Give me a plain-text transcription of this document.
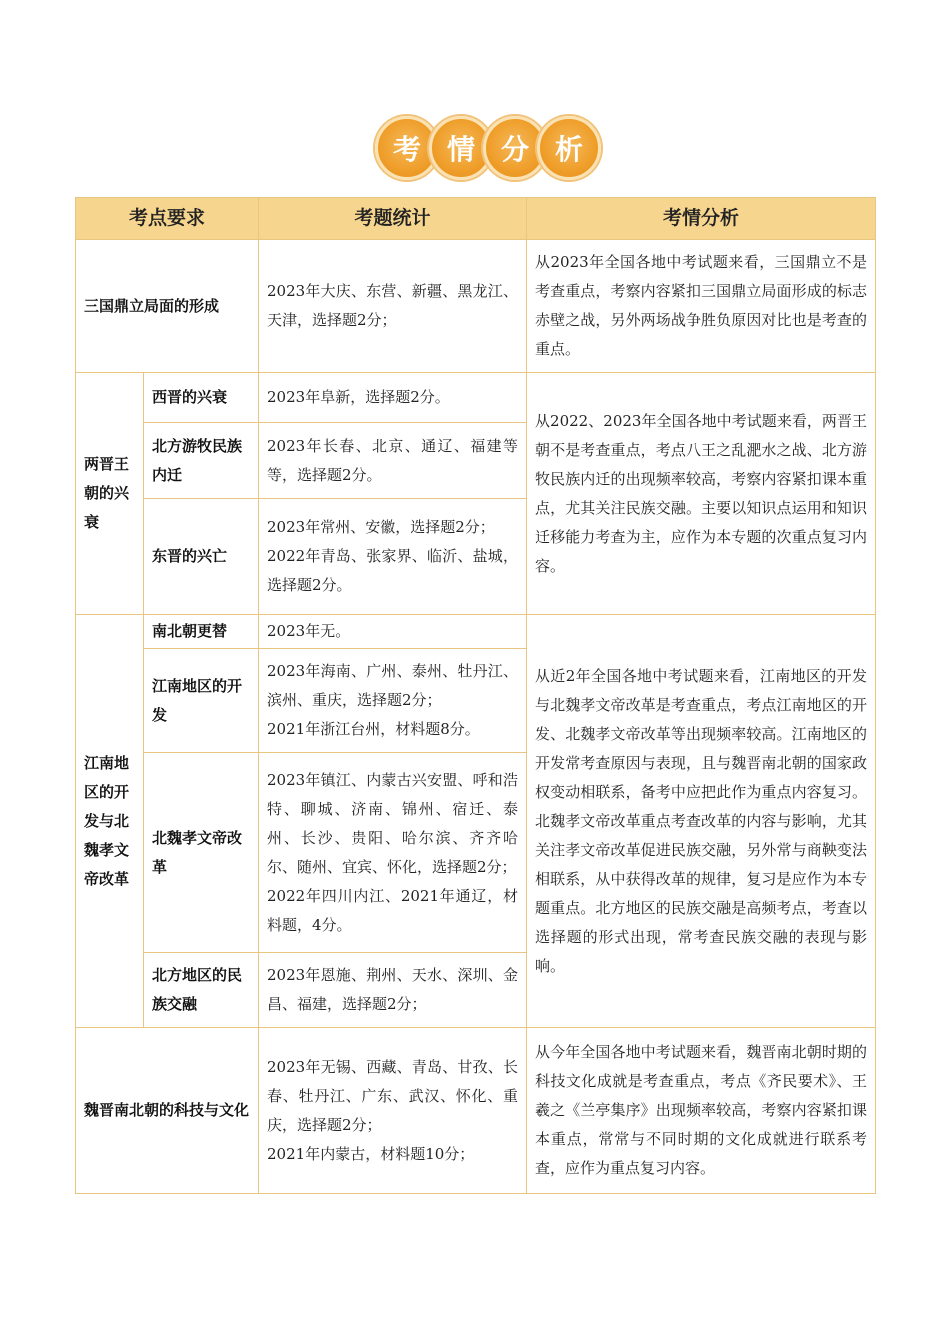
考 情 分 析
考点要求		考题统计	考情分析
三国鼎立局面的形成		2023年大庆、东营、新疆、黑龙江、天津，选择题2分；	从2023年全国各地中考试题来看，三国鼎立不是考查重点，考察内容紧扣三国鼎立局面形成的标志赤壁之战，另外两场战争胜负原因对比也是考查的重点。
两晋王朝的兴衰	西晋的兴衰	2023年阜新，选择题2分。	从2022、2023年全国各地中考试题来看，两晋王朝不是考查重点，考点八王之乱淝水之战、北方游牧民族内迁的出现频率较高，考察内容紧扣课本重点，尤其关注民族交融。主要以知识点运用和知识迁移能力考查为主，应作为本专题的次重点复习内容。
	北方游牧民族内迁	2023年长春、北京、通辽、福建等等，选择题2分。	

	东晋的兴亡	2023年常州、安徽，选择题2分；
2022年青岛、张家界、临沂、盐城，选择题2分。	

江南地区的开发与北魏孝文帝改革	南北朝更替	2023年无。	从近2年全国各地中考试题来看，江南地区的开发与北魏孝文帝改革是考查重点，考点江南地区的开发、北魏孝文帝改革等出现频率较高。江南地区的开发常考查原因与表现，且与魏晋南北朝的国家政权变动相联系，备考中应把此作为重点内容复习。北魏孝文帝改革重点考查改革的内容与影响，尤其关注孝文帝改革促进民族交融，另外常与商鞅变法相联系，从中获得改革的规律，复习是应作为本专题重点。北方地区的民族交融是高频考点，考查以选择题的形式出现，常考查民族交融的表现与影响。
	江南地区的开发	2023年海南、广州、泰州、牡丹江、滨州、重庆，选择题2分；
2021年浙江台州，材料题8分。	

	北魏孝文帝改革	2023年镇江、内蒙古兴安盟、呼和浩特、聊城、济南、锦州、宿迁、泰州、长沙、贵阳、哈尔滨、齐齐哈尔、随州、宜宾、怀化，选择题2分；
2022年四川内江、2021年通辽，材料题，4分。	

	北方地区的民族交融	2023年恩施、荆州、天水、深圳、金昌、福建，选择题2分；	

魏晋南北朝的科技与文化		2023年无锡、西藏、青岛、甘孜、长春、牡丹江、广东、武汉、怀化、重庆，选择题2分；
2021年内蒙古，材料题10分；	从今年全国各地中考试题来看，魏晋南北朝时期的科技文化成就是考查重点，考点《齐民要术》、王羲之《兰亭集序》出现频率较高，考察内容紧扣课本重点，常常与不同时期的文化成就进行联系考查，应作为重点复习内容。
